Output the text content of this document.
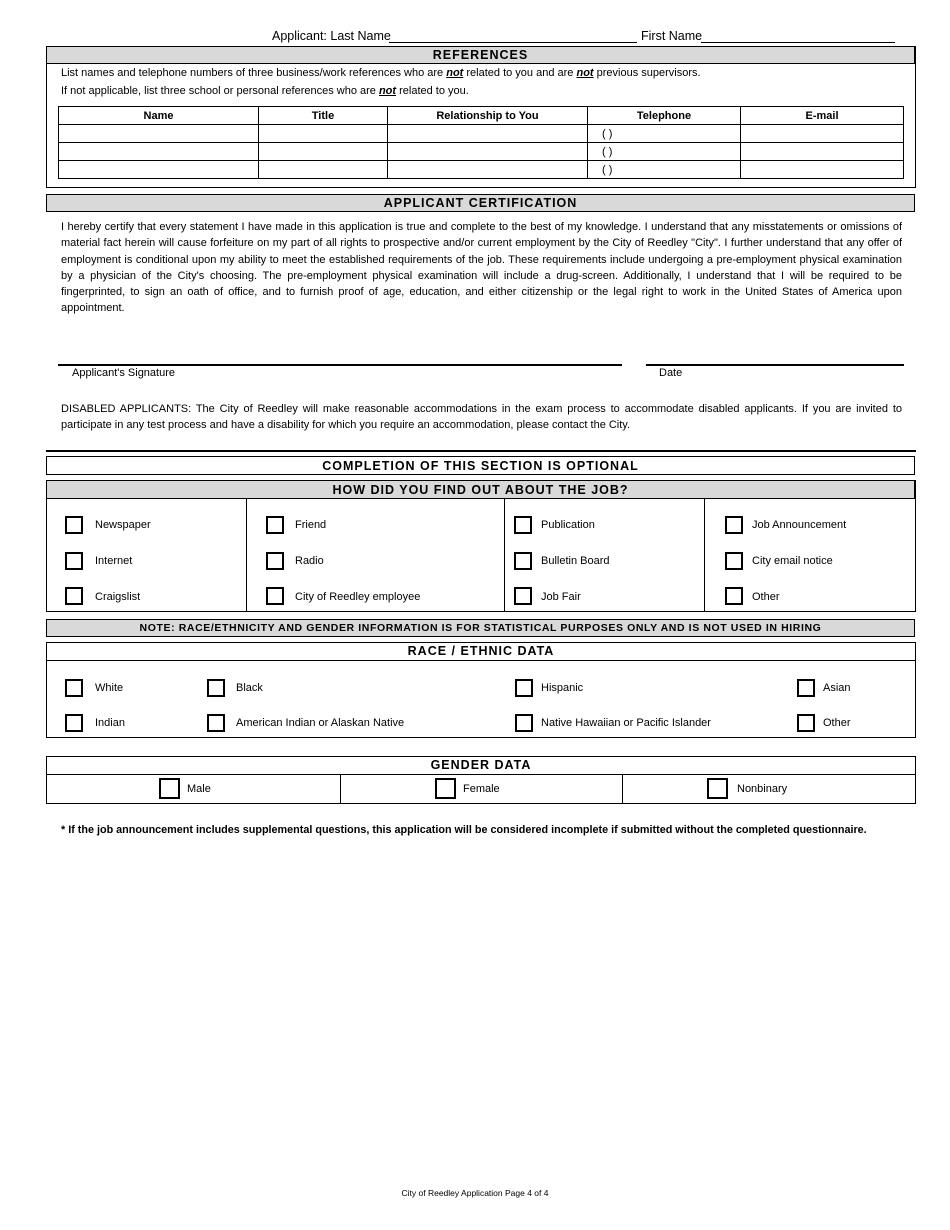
Applicant: Last Name	First Name
REFERENCES
List names and telephone numbers of three business/work references who are not related to you and are not previous supervisors.
If not applicable, list three school or personal references who are not related to you.
Name	Title	Relationship to You	Telephone	E-mail
			( )	
			( )	
			( )	
APPLICANT CERTIFICATION
I hereby certify that every statement I have made in this application is true and complete to the best of my knowledge. I understand that any misstatements or omissions of material fact herein will cause forfeiture on my part of all rights to prospective and/or current employment by the City of Reedley "City". I further understand that any offer of employment is conditional upon my ability to meet the established requirements of the job. These requirements include undergoing a pre-employment physical examination by a physician of the City's choosing. The pre-employment physical examination will include a drug-screen. Additionally, I understand that I will be required to be fingerprinted, to sign an oath of office, and to furnish proof of age, education, and either citizenship or the legal right to work in the United States of America upon appointment.
Applicant's Signature	Date
DISABLED APPLICANTS: The City of Reedley will make reasonable accommodations in the exam process to accommodate disabled applicants. If you are invited to participate in any test process and have a disability for which you require an accommodation, please contact the City.
COMPLETION OF THIS SECTION IS OPTIONAL
HOW DID YOU FIND OUT ABOUT THE JOB?
Newspaper	Friend	Publication	Job Announcement
Internet	Radio	Bulletin Board	City email notice
Craigslist	City of Reedley employee	Job Fair	Other
NOTE: RACE/ETHNICITY AND GENDER INFORMATION IS FOR STATISTICAL PURPOSES ONLY AND IS NOT USED IN HIRING
RACE / ETHNIC DATA
White	Black	Hispanic	Asian
Indian	American Indian or Alaskan Native	Native Hawaiian or Pacific Islander	Other
GENDER DATA
Male	Female	Nonbinary
* If the job announcement includes supplemental questions, this application will be considered incomplete if submitted without the completed questionnaire.
City of Reedley Application Page 4 of 4
